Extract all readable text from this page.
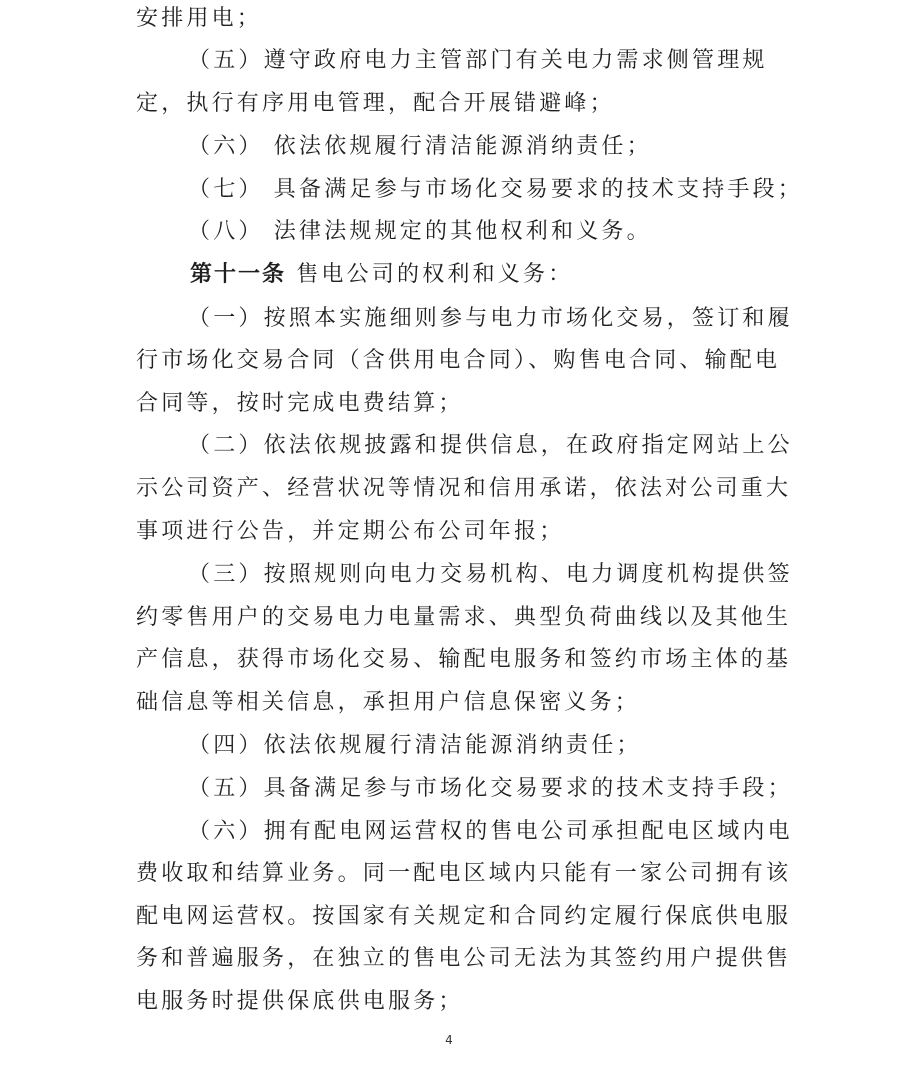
安排用电；
（五）遵守政府电力主管部门有关电力需求侧管理规
定，执行有序用电管理，配合开展错避峰；
（六） 依法依规履行清洁能源消纳责任；
（七） 具备满足参与市场化交易要求的技术支持手段；
（八） 法律法规规定的其他权利和义务。
第十一条 售电公司的权利和义务：
（一）按照本实施细则参与电力市场化交易，签订和履
行市场化交易合同（含供用电合同）、购售电合同、输配电
合同等，按时完成电费结算；
（二）依法依规披露和提供信息，在政府指定网站上公
示公司资产、经营状况等情况和信用承诺，依法对公司重大
事项进行公告，并定期公布公司年报；
（三）按照规则向电力交易机构、电力调度机构提供签
约零售用户的交易电力电量需求、典型负荷曲线以及其他生
产信息，获得市场化交易、输配电服务和签约市场主体的基
础信息等相关信息，承担用户信息保密义务；
（四）依法依规履行清洁能源消纳责任；
（五）具备满足参与市场化交易要求的技术支持手段；
（六）拥有配电网运营权的售电公司承担配电区域内电
费收取和结算业务。同一配电区域内只能有一家公司拥有该
配电网运营权。按国家有关规定和合同约定履行保底供电服
务和普遍服务，在独立的售电公司无法为其签约用户提供售
电服务时提供保底供电服务；
4
